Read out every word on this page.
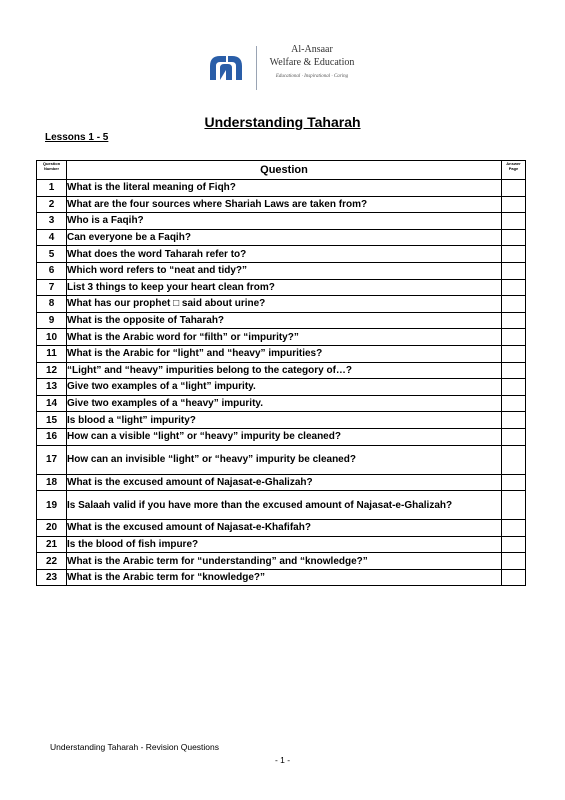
Al-Ansaar
Welfare & Education
Educational · Inspirational · Caring
Understanding Taharah
Lessons 1 - 5
Question Number	Question	Answer Page
1	What is the literal meaning of Fiqh?	
2	What are the four sources where Shariah Laws are taken from?	
3	Who is a Faqih?	
4	Can everyone be a Faqih?	
5	What does the word Taharah refer to?	
6	Which word refers to “neat and tidy?”	
7	List 3 things to keep your heart clean from?	
8	What has our prophet □ said about urine?	
9	What is the opposite of Taharah?	
10	What is the Arabic word for “filth” or “impurity?”	
11	What is the Arabic for “light” and “heavy” impurities?	
12	“Light” and “heavy” impurities belong to the category of…?	
13	Give two examples of a “light” impurity.	
14	Give two examples of a “heavy” impurity.	
15	Is blood a “light” impurity?	
16	How can a visible “light” or “heavy” impurity be cleaned?	
17	How can an invisible “light” or “heavy” impurity be cleaned?	
18	What is the excused amount of Najasat-e-Ghalizah?	
19	Is Salaah valid if you have more than the excused amount of Najasat-e-Ghalizah?	
20	What is the excused amount of Najasat-e-Khafifah?	
21	Is the blood of fish impure?	
22	What is the Arabic term for “understanding” and “knowledge?”	
23	What is the Arabic term for “knowledge?”	
Understanding Taharah - Revision Questions
- 1 -
